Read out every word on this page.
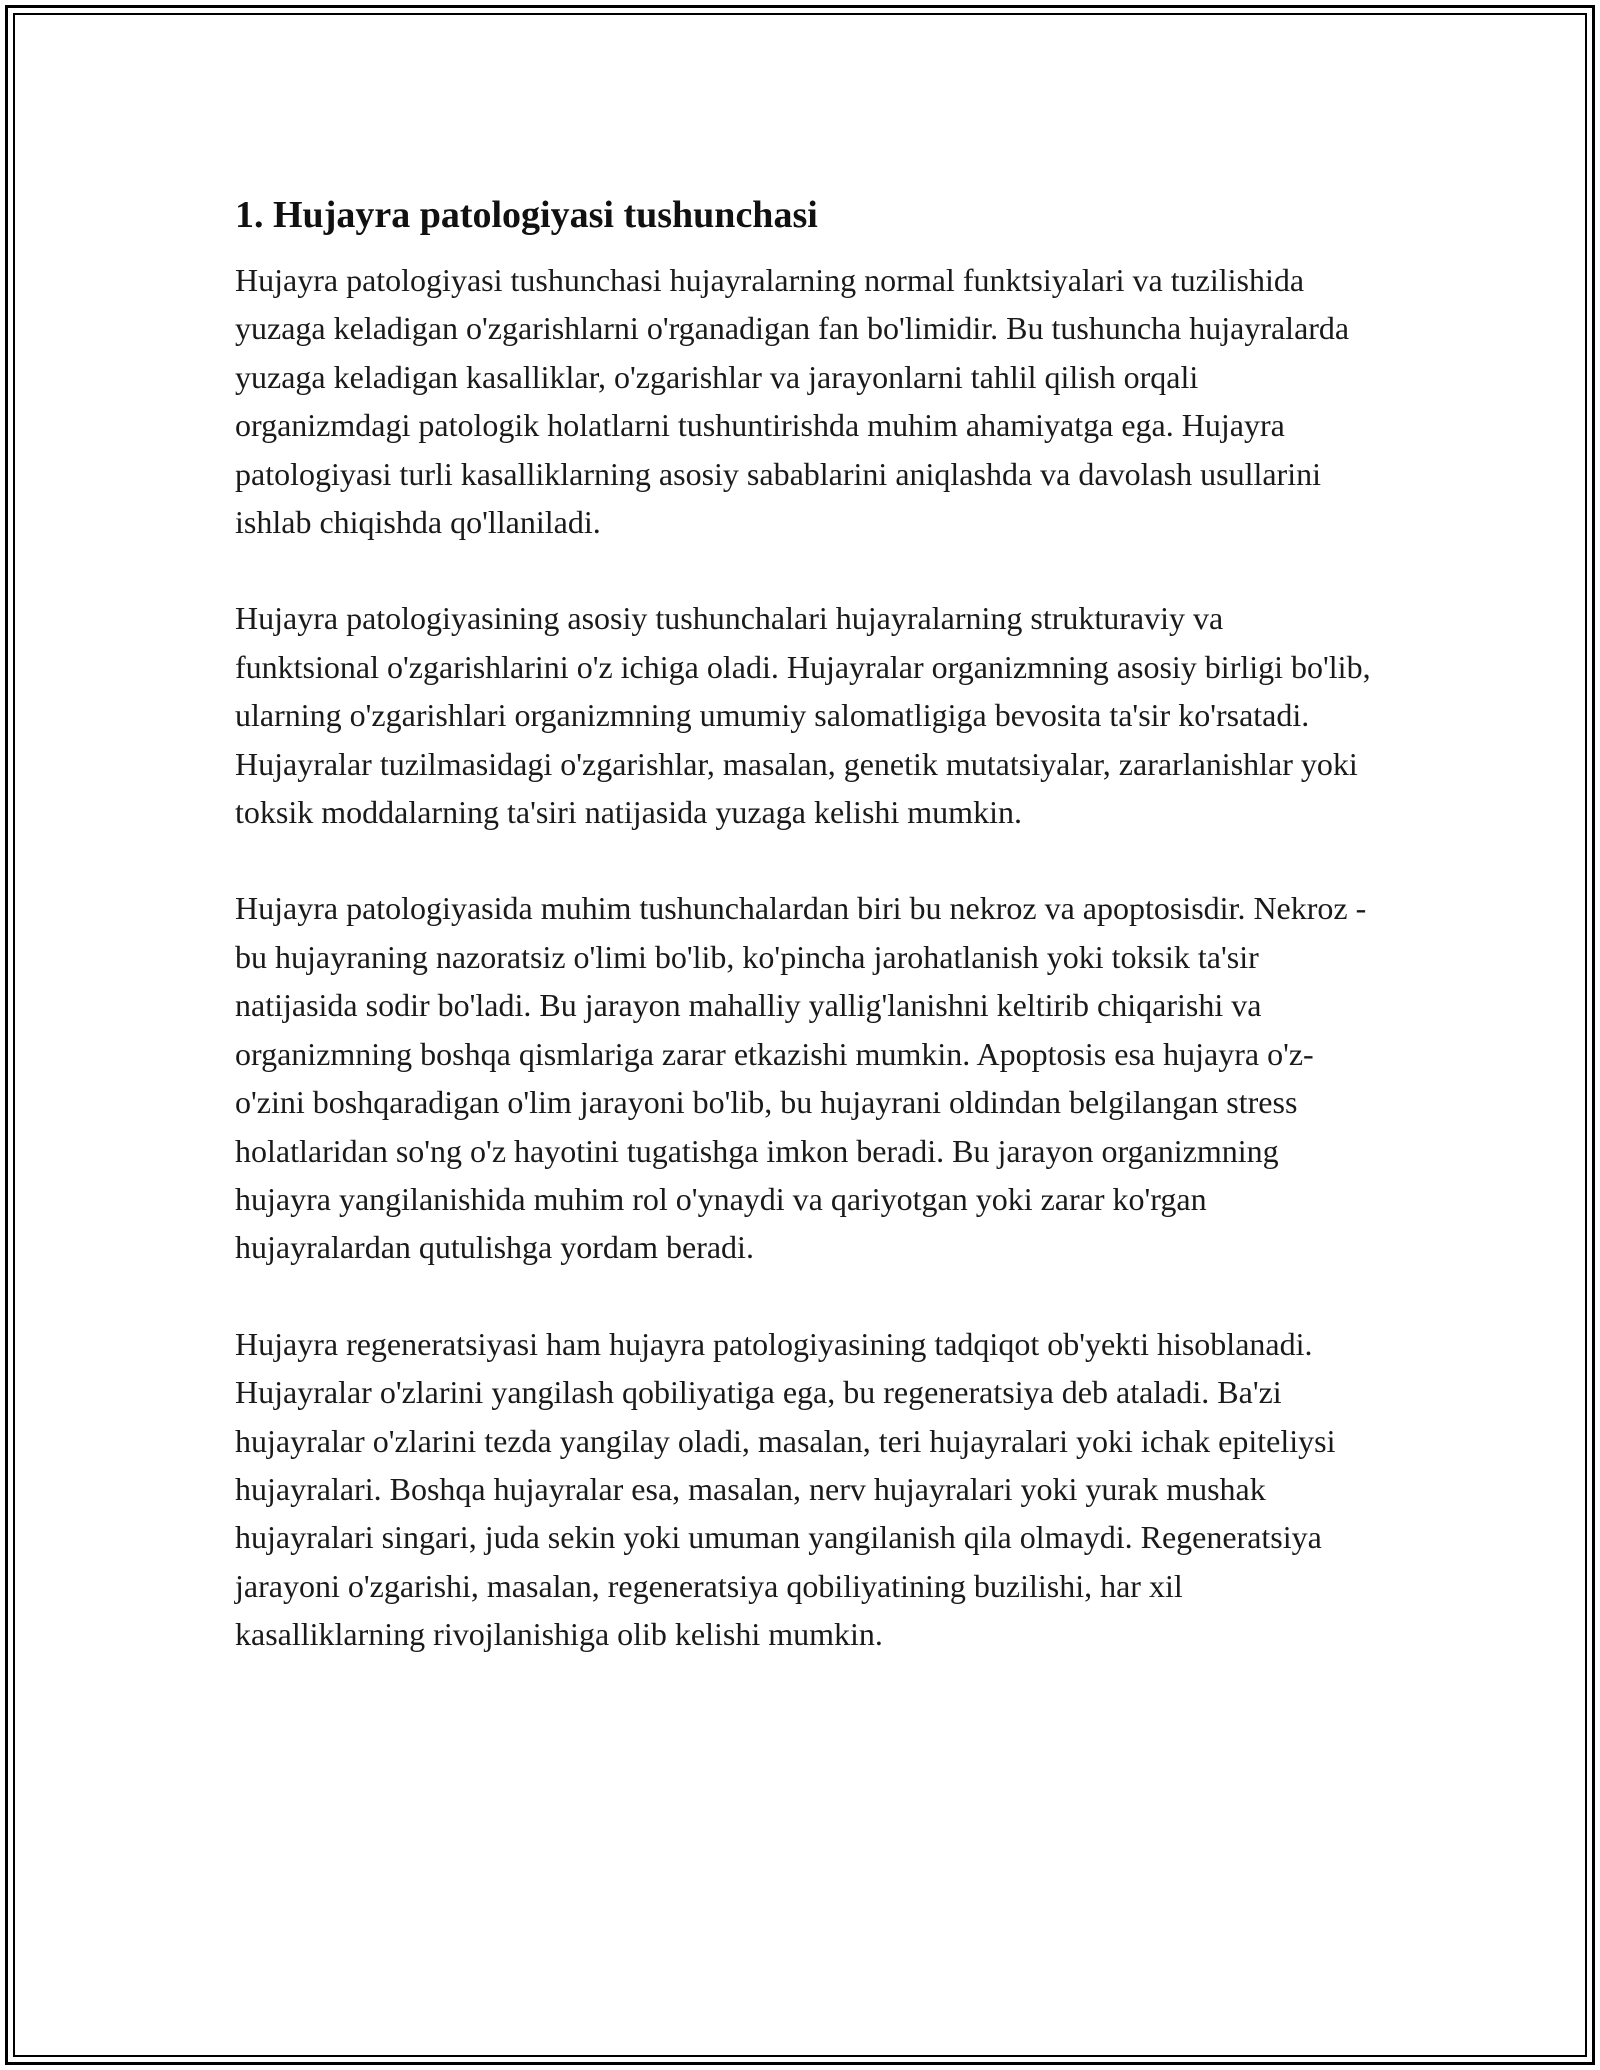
1. Hujayra patologiyasi tushunchasi

Hujayra patologiyasi tushunchasi hujayralarning normal funktsiyalari va tuzilishida yuzaga keladigan o'zgarishlarni o'rganadigan fan bo'limidir. Bu tushuncha hujayralarda yuzaga keladigan kasalliklar, o'zgarishlar va jarayonlarni tahlil qilish orqali organizmdagi patologik holatlarni tushuntirishda muhim ahamiyatga ega. Hujayra patologiyasi turli kasalliklarning asosiy sabablarini aniqlashda va davolash usullarini ishlab chiqishda qo'llaniladi.

Hujayra patologiyasining asosiy tushunchalari hujayralarning strukturaviy va funktsional o'zgarishlarini o'z ichiga oladi. Hujayralar organizmning asosiy birligi bo'lib, ularning o'zgarishlari organizmning umumiy salomatligiga bevosita ta'sir ko'rsatadi. Hujayralar tuzilmasidagi o'zgarishlar, masalan, genetik mutatsiyalar, zararlanishlar yoki toksik moddalarning ta'siri natijasida yuzaga kelishi mumkin.

Hujayra patologiyasida muhim tushunchalardan biri bu nekroz va apoptosisdir. Nekroz - bu hujayraning nazoratsiz o'limi bo'lib, ko'pincha jarohatlanish yoki toksik ta'sir natijasida sodir bo'ladi. Bu jarayon mahalliy yallig'lanishni keltirib chiqarishi va organizmning boshqa qismlariga zarar etkazishi mumkin. Apoptosis esa hujayra o'z-o'zini boshqaradigan o'lim jarayoni bo'lib, bu hujayrani oldindan belgilangan stress holatlaridan so'ng o'z hayotini tugatishga imkon beradi. Bu jarayon organizmning hujayra yangilanishida muhim rol o'ynaydi va qariyotgan yoki zarar ko'rgan hujayralardan qutulishga yordam beradi.

Hujayra regeneratsiyasi ham hujayra patologiyasining tadqiqot ob'yekti hisoblanadi. Hujayralar o'zlarini yangilash qobiliyatiga ega, bu regeneratsiya deb ataladi. Ba'zi hujayralar o'zlarini tezda yangilay oladi, masalan, teri hujayralari yoki ichak epiteliysi hujayralari. Boshqa hujayralar esa, masalan, nerv hujayralari yoki yurak mushak hujayralari singari, juda sekin yoki umuman yangilanish qila olmaydi. Regeneratsiya jarayoni o'zgarishi, masalan, regeneratsiya qobiliyatining buzilishi, har xil kasalliklarning rivojlanishiga olib kelishi mumkin.
